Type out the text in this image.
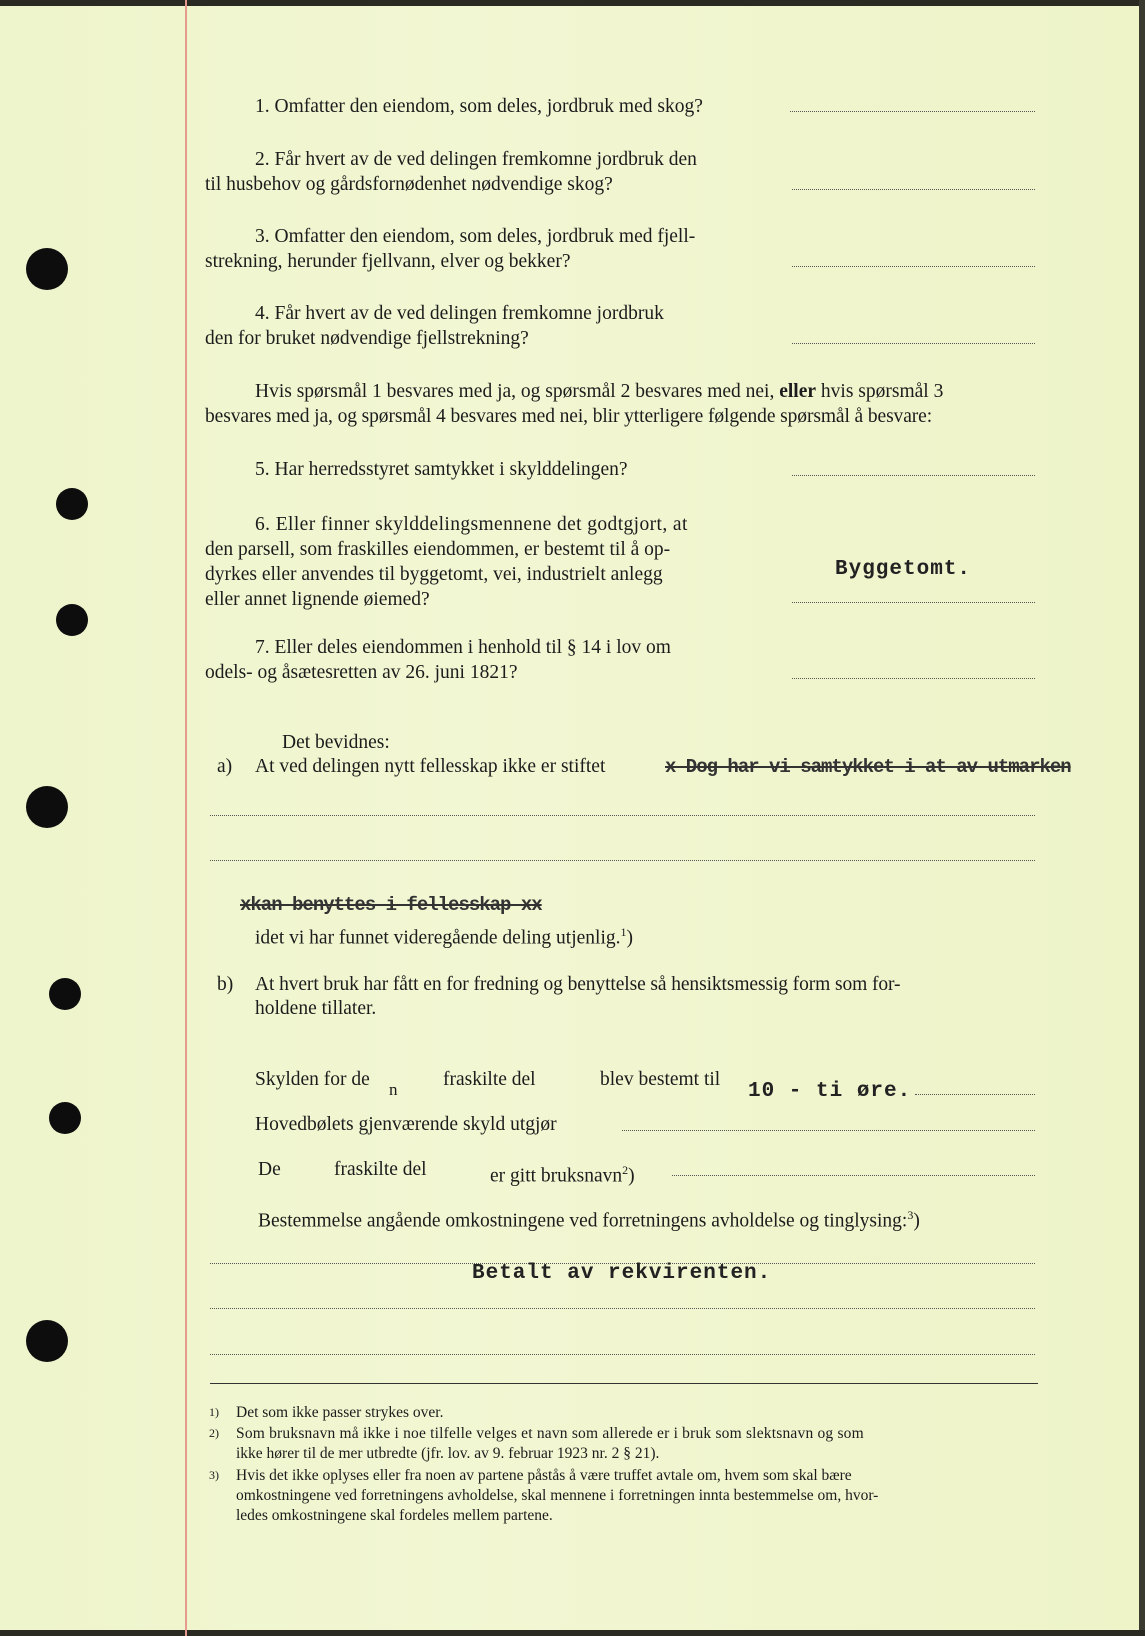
1. Omfatter den eiendom, som deles, jordbruk med skog?
2. Får hvert av de ved delingen fremkomne jordbruk den
til husbehov og gårdsfornødenhet nødvendige skog?
3. Omfatter den eiendom, som deles, jordbruk med fjell-
strekning, herunder fjellvann, elver og bekker?
4. Får hvert av de ved delingen fremkomne jordbruk
den for bruket nødvendige fjellstrekning?
Hvis spørsmål 1 besvares med ja, og spørsmål 2 besvares med nei, eller hvis spørsmål 3
besvares med ja, og spørsmål 4 besvares med nei, blir ytterligere følgende spørsmål å besvare:
5. Har herredsstyret samtykket i skylddelingen?
6. Eller finner skylddelingsmennene det godtgjort, at
den parsell, som fraskilles eiendommen, er bestemt til å op-
dyrkes eller anvendes til byggetomt, vei, industrielt anlegg
eller annet lignende øiemed?
Byggetomt.
7. Eller deles eiendommen i henhold til § 14 i lov om
odels- og åsætesretten av 26. juni 1821?
Det bevidnes:
a) At ved delingen nytt fellesskap ikke er stiftet	x Dog har vi samtykket i at av utmarken
xkan benyttes i fellesskap xx
idet vi har funnet videregående deling utjenlig.$^1$)
b) At hvert bruk har fått en for fredning og benyttelse så hensiktsmessig form som for-
holdene tillater.
Skylden for de n fraskilte del	blev bestemt til
10 - ti øre.
Hovedbølets gjenværende skyld utgjør
De	fraskilte del	er gitt bruksnavn$^2$)
Bestemmelse angående omkostningene ved forretningens avholdelse og tinglysing:$^3$)
Betalt av rekvirenten.
1) Det som ikke passer strykes over.
2) Som bruksnavn må ikke i noe tilfelle velges et navn som allerede er i bruk som slektsnavn og som
ikke hører til de mer utbredte (jfr. lov. av 9. februar 1923 nr. 2 § 21).
3) Hvis det ikke oplyses eller fra noen av partene påstås å være truffet avtale om, hvem som skal bære
omkostningene ved forretningens avholdelse, skal mennene i forretningen innta bestemmelse om, hvor-
ledes omkostningene skal fordeles mellem partene.
